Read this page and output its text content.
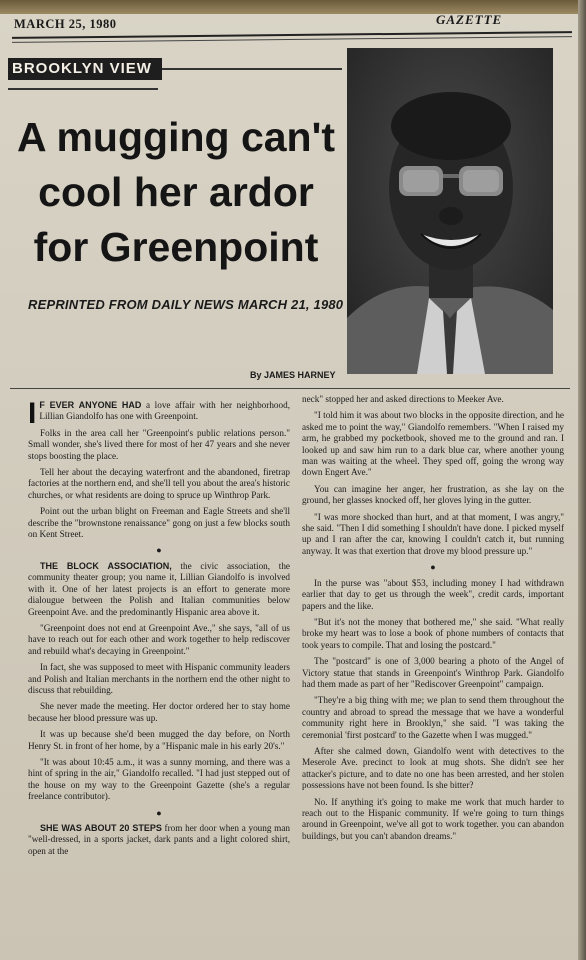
MARCH 25, 1980	GAZETTE
BROOKLYN VIEW
A mugging can't
cool her ardor
for Greenpoint
REPRINTED FROM DAILY NEWS MARCH 21, 1980
By JAMES HARNEY

I F EVER ANYONE HAD a love affair with her neighborhood, Lillian Giandolfo has one with Greenpoint.

Folks in the area call her "Greenpoint's public relations person." Small wonder, she's lived there for most of her 47 years and she never stops boosting the place.

Tell her about the decaying waterfront and the abandoned, firetrap factories at the northern end, and she'll tell you about the area's historic churches, or what residents are doing to spruce up Winthrop Park.

Point out the urban blight on Freeman and Eagle Streets and she'll describe the "brownstone renaissance" gong on just a few blocks south on Kent Street.

●

THE BLOCK ASSOCIATION, the civic association, the community theater group; you name it, Lillian Giandolfo is involved with it. One of her latest projects is an effort to generate more dialougue between the Polish and Italian communities below Greenpoint Ave. and the predominantly Hispanic area above it.

"Greenpoint does not end at Greenpoint Ave.," she says, "all of us have to reach out for each other and work together to help rediscover and rebuild what's decaying in Greenpoint."

In fact, she was supposed to meet with Hispanic community leaders and Polish and Italian merchants in the northern end the other night to discuss that rebuilding.

She never made the meeting. Her doctor ordered her to stay home because her blood pressure was up.

It was up because she'd been mugged the day before, on North Henry St. in front of her home, by a "Hispanic male in his early 20's."

"It was about 10:45 a.m., it was a sunny morning, and there was a hint of spring in the air," Giandolfo recalled. "I had just stepped out of the house on my way to the Greenpoint Gazette (she's a regular freelance contributor).

●

SHE WAS ABOUT 20 STEPS from her door when a young man "well-dressed, in a sports jacket, dark pants and a light colored shirt, open at the

neck" stopped her and asked directions to Meeker Ave.

"I told him it was about two blocks in the opposite direction, and he asked me to point the way," Giandolfo remembers. "When I raised my arm, he grabbed my pocketbook, shoved me to the ground and ran. I looked up and saw him run to a dark blue car, where another young man was waiting at the wheel. They sped off, going the wrong way down Engert Ave."

You can imagine her anger, her frustration, as she lay on the ground, her glasses knocked off, her gloves lying in the gutter.

"I was more shocked than hurt, and at that moment, I was angry," she said. "Then I did something I shouldn't have done. I picked myself up and I ran after the car, knowing I couldn't catch it, but running anyway. It was that exertion that drove my blood pressure up."

●

In the purse was "about $53, including money I had withdrawn earlier that day to get us through the week", credit cards, important papers and the like.

"But it's not the money that bothered me," she said. "What really broke my heart was to lose a book of phone numbers of contacts that took years to compile. That and losing the postcard."

The "postcard" is one of 3,000 bearing a photo of the Angel of Victory statue that stands in Greenpoint's Winthrop Park. Giandolfo had them made as part of her "Rediscover Greenpoint" campaign.

"They're a big thing with me; we plan to send them throughout the country and abroad to spread the message that we have a wonderful community right here in Brooklyn," she said. "I was taking the ceremonial 'first postcard' to the Gazette when I was mugged."

After she calmed down, Giandolfo went with detectives to the Meserole Ave. precinct to look at mug shots. She didn't see her attacker's picture, and to date no one has been arrested, and her stolen possessions have not been found. Is she bitter?

No. If anything it's going to make me work that much harder to reach out to the Hispanic community. If we're going to turn things around in Greenpoint, we've all got to work together. you can abandon buildings, but you can't abandon dreams."
